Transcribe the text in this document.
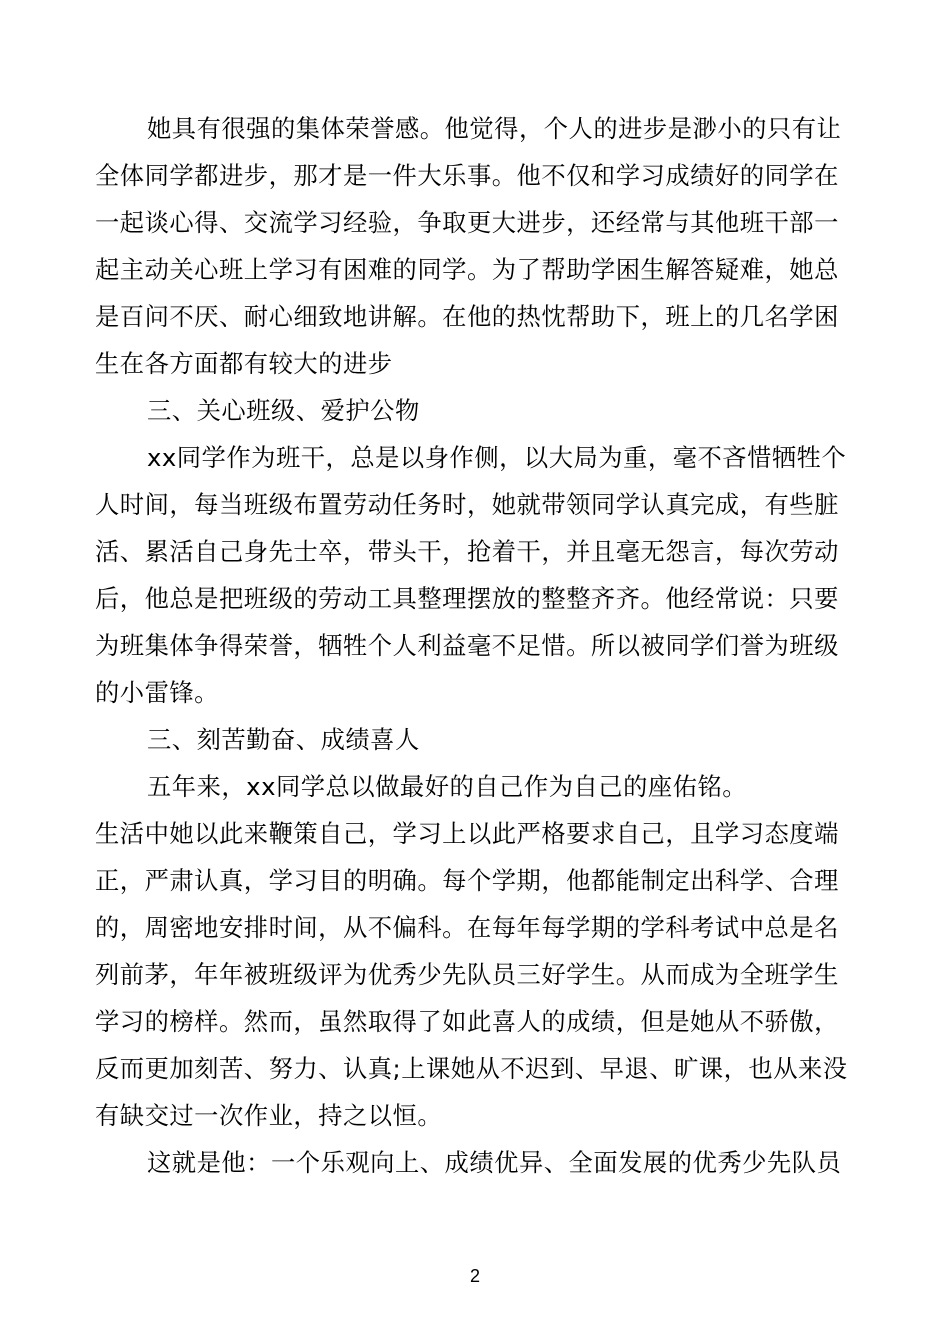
她具有很强的集体荣誉感。他觉得，个人的进步是渺小的只有让
全体同学都进步，那才是一件大乐事。他不仅和学习成绩好的同学在
一起谈心得、交流学习经验，争取更大进步，还经常与其他班干部一
起主动关心班上学习有困难的同学。为了帮助学困生解答疑难，她总
是百问不厌、耐心细致地讲解。在他的热忱帮助下，班上的几名学困
生在各方面都有较大的进步
三、关心班级、爱护公物
xx同学作为班干，总是以身作侧，以大局为重，毫不吝惜牺牲个
人时间，每当班级布置劳动任务时，她就带领同学认真完成，有些脏
活、累活自己身先士卒，带头干，抢着干，并且毫无怨言，每次劳动
后，他总是把班级的劳动工具整理摆放的整整齐齐。他经常说：只要
为班集体争得荣誉，牺牲个人利益毫不足惜。所以被同学们誉为班级
的小雷锋。
三、刻苦勤奋、成绩喜人
五年来，xx同学总以做最好的自己作为自己的座佑铭。
生活中她以此来鞭策自己，学习上以此严格要求自己，且学习态度端
正，严肃认真，学习目的明确。每个学期，他都能制定出科学、合理
的，周密地安排时间，从不偏科。在每年每学期的学科考试中总是名
列前茅，年年被班级评为优秀少先队员三好学生。从而成为全班学生
学习的榜样。然而，虽然取得了如此喜人的成绩，但是她从不骄傲，
反而更加刻苦、努力、认真;上课她从不迟到、早退、旷课，也从来没
有缺交过一次作业，持之以恒。
这就是他：一个乐观向上、成绩优异、全面发展的优秀少先队员
2
